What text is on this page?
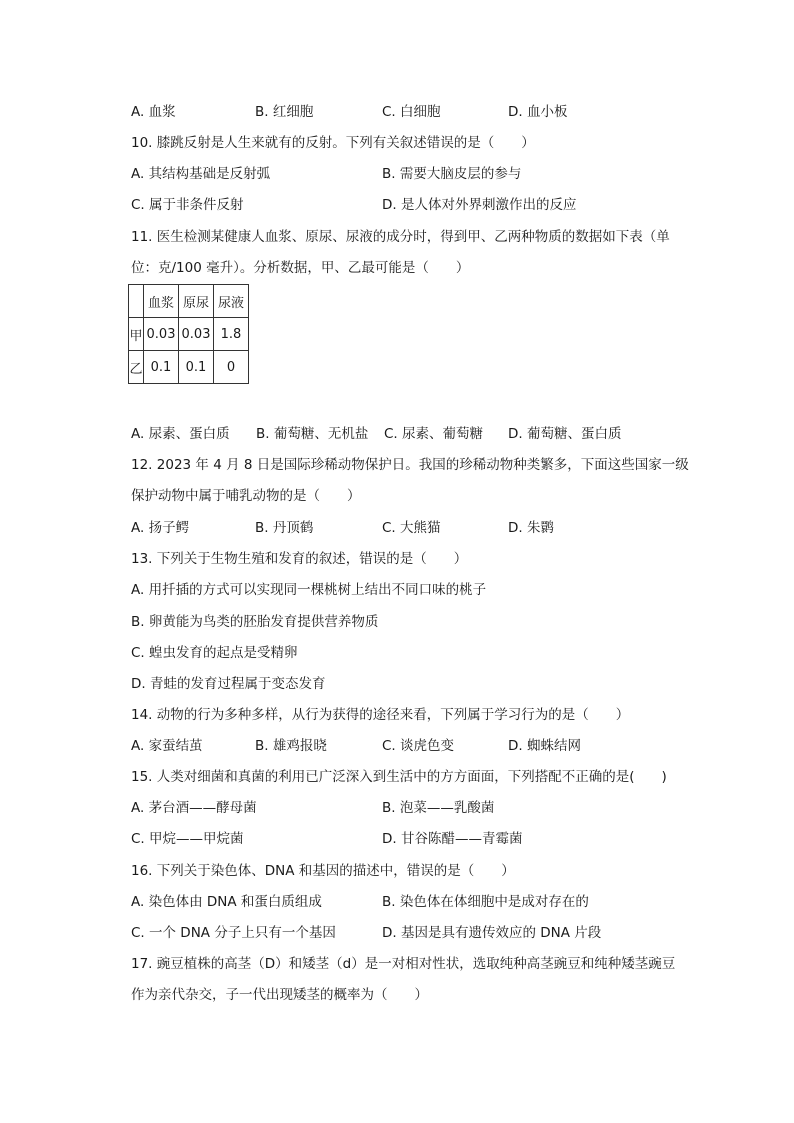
A. 血浆	B. 红细胞	C. 白细胞	D. 血小板
10. 膝跳反射是人生来就有的反射。下列有关叙述错误的是（　　）
A. 其结构基础是反射弧	B. 需要大脑皮层的参与
C. 属于非条件反射	D. 是人体对外界刺激作出的反应
11. 医生检测某健康人血浆、原尿、尿液的成分时，得到甲、乙两种物质的数据如下表（单
位：克/100 毫升）。分析数据，甲、乙最可能是（　　）
	血浆	原尿	尿液
甲	0.03	0.03	1.8
乙	0.1	0.1	0
A. 尿素、蛋白质 B. 葡萄糖、无机盐 C. 尿素、葡萄糖 D. 葡萄糖、蛋白质
12. 2023 年 4 月 8 日是国际珍稀动物保护日。我国的珍稀动物种类繁多，下面这些国家一级
保护动物中属于哺乳动物的是（　　）
A. 扬子鳄	B. 丹顶鹤	C. 大熊猫	D. 朱鹮
13. 下列关于生物生殖和发育的叙述，错误的是（　　）
A. 用扦插的方式可以实现同一棵桃树上结出不同口味的桃子
B. 卵黄能为鸟类的胚胎发育提供营养物质
C. 蝗虫发育的起点是受精卵
D. 青蛙的发育过程属于变态发育
14. 动物的行为多种多样，从行为获得的途径来看，下列属于学习行为的是（　　）
A. 家蚕结茧	B. 雄鸡报晓	C. 谈虎色变	D. 蜘蛛结网
15. 人类对细菌和真菌的利用已广泛深入到生活中的方方面面，下列搭配不正确的是(　　)
A. 茅台酒——酵母菌	B. 泡菜——乳酸菌
C. 甲烷——甲烷菌	D. 甘谷陈醋——青霉菌
16. 下列关于染色体、DNA 和基因的描述中，错误的是（　　）
A. 染色体由 DNA 和蛋白质组成	B. 染色体在体细胞中是成对存在的
C. 一个 DNA 分子上只有一个基因	D. 基因是具有遗传效应的 DNA 片段
17. 豌豆植株的高茎（D）和矮茎（d）是一对相对性状，选取纯种高茎豌豆和纯种矮茎豌豆
作为亲代杂交，子一代出现矮茎的概率为（　　）
